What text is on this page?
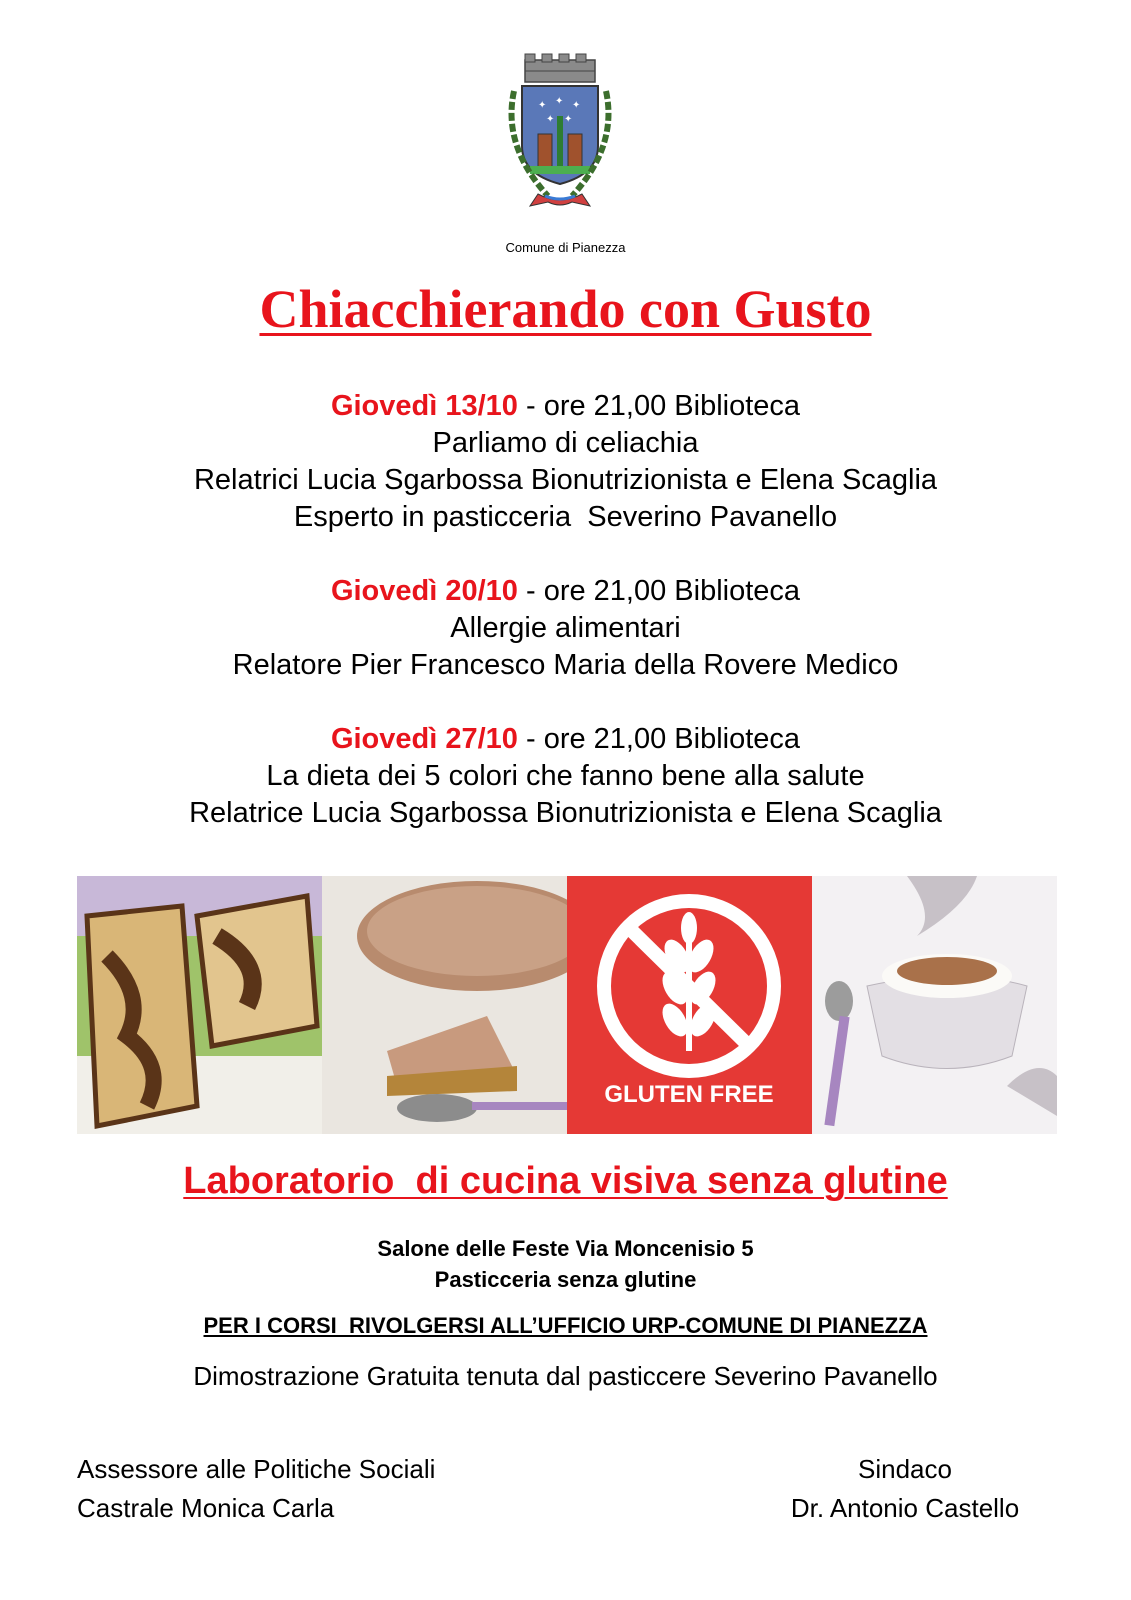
✦ ✦ ✦
✦ ✦
Comune di Pianezza
Chiacchierando con Gusto
Giovedì 13/10 - ore 21,00 Biblioteca
Parliamo di celiachia
Relatrici Lucia Sgarbossa Bionutrizionista e Elena Scaglia
Esperto in pasticceria  Severino Pavanello
Giovedì 20/10 - ore 21,00 Biblioteca
Allergie alimentari
Relatore Pier Francesco Maria della Rovere Medico
Giovedì 27/10 - ore 21,00 Biblioteca
La dieta dei 5 colori che fanno bene alla salute
Relatrice Lucia Sgarbossa Bionutrizionista e Elena Scaglia
GLUTEN FREE
Laboratorio  di cucina visiva senza glutine
Salone delle Feste Via Moncenisio 5
Pasticceria senza glutine
PER I CORSI  RIVOLGERSI ALL’UFFICIO URP-COMUNE DI PIANEZZA
Dimostrazione Gratuita tenuta dal pasticcere Severino Pavanello
Assessore alle Politiche Sociali
Castrale Monica Carla
Sindaco
Dr. Antonio Castello
